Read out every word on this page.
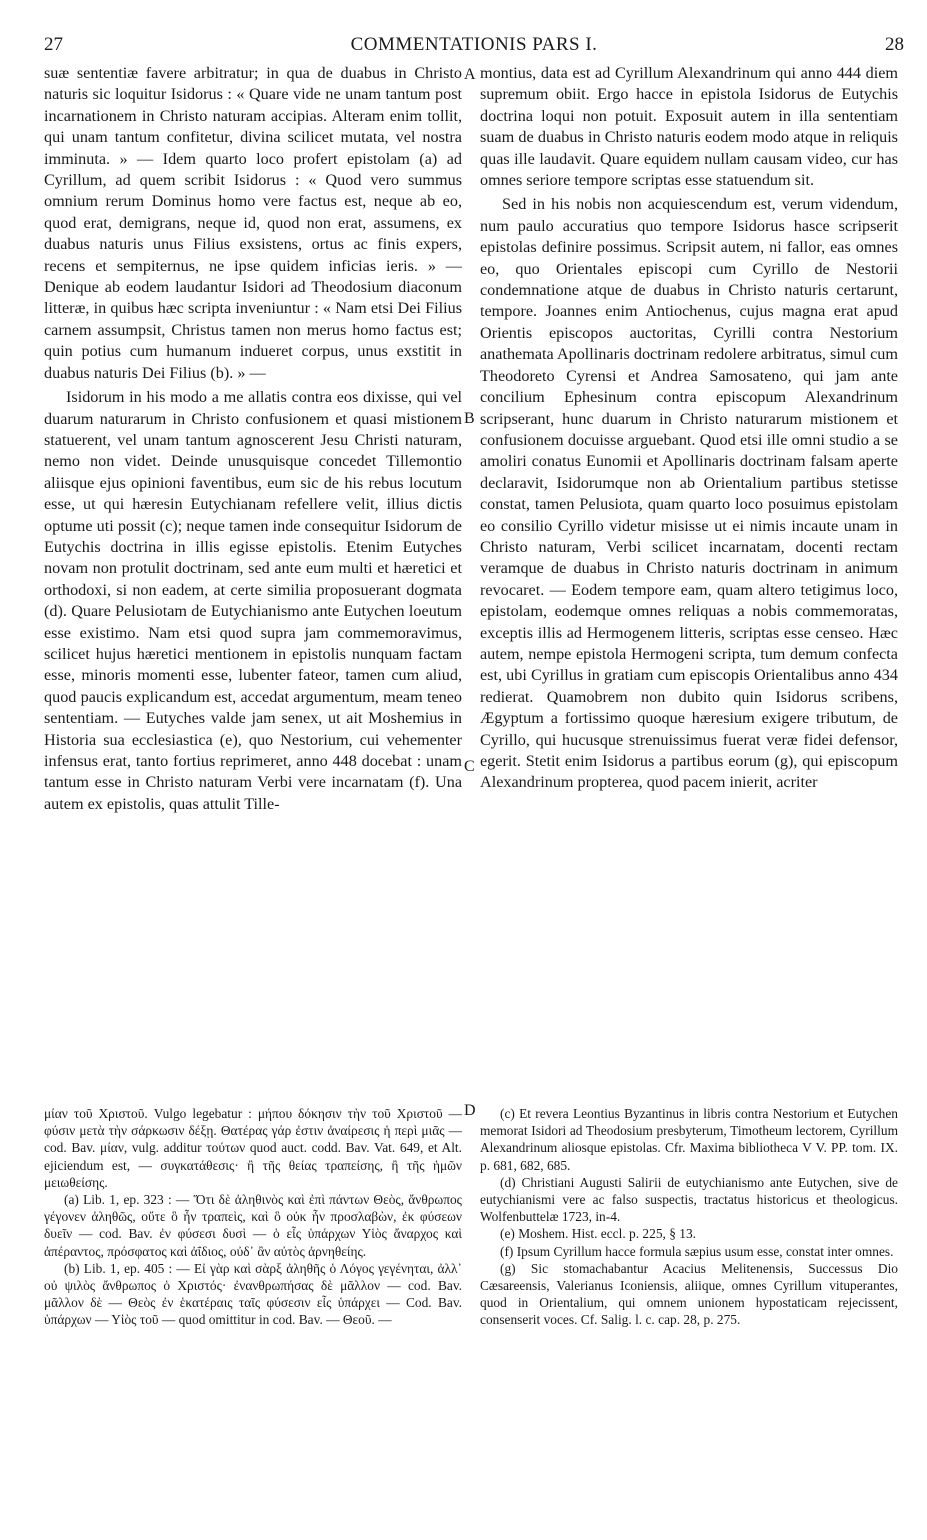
27	COMMENTATIONIS PARS I.	28

suæ sententiæ favere arbitratur; in qua de duabus in Christo naturis sic loquitur Isidorus : « Quare vide ne unam tantum post incarnationem in Christo naturam accipias. Alteram enim tollit, qui unam tantum confitetur, divina scilicet mutata, vel nostra imminuta. » — Idem quarto loco profert epistolam (a) ad Cyrillum, ad quem scribit Isidorus : « Quod vero summus omnium rerum Dominus homo vere factus est, neque ab eo, quod erat, demigrans, neque id, quod non erat, assumens, ex duabus naturis unus Filius exsistens, ortus ac finis expers, recens et sempiternus, ne ipse quidem inficias ieris. » — Denique ab eodem laudantur Isidori ad Theodosium diaconum litteræ, in quibus hæc scripta inveniuntur : « Nam etsi Dei Filius carnem assumpsit, Christus tamen non merus homo factus est; quin potius cum humanum indueret corpus, unus exstitit in duabus naturis Dei Filius (b). » —

Isidorum in his modo a me allatis contra eos dixisse, qui vel duarum naturarum in Christo confusionem et quasi mistionem statuerent, vel unam tantum agnoscerent Jesu Christi naturam, nemo non videt. Deinde unusquisque concedet Tillemontio aliisque ejus opinioni faventibus, eum sic de his rebus locutum esse, ut qui hæresin Eutychianam refellere velit, illius dictis optume uti possit (c); neque tamen inde consequitur Isidorum de Eutychis doctrina in illis egisse epistolis. Etenim Eutyches novam non protulit doctrinam, sed ante eum multi et hæretici et orthodoxi, si non eadem, at certe similia proposuerant dogmata (d). Quare Pelusiotam de Eutychianismo ante Eutychen loeutum esse existimo. Nam etsi quod supra jam commemoravimus, scilicet hujus hæretici mentionem in epistolis nunquam factam esse, minoris momenti esse, lubenter fateor, tamen cum aliud, quod paucis explicandum est, accedat argumentum, meam teneo sententiam. — Eutyches valde jam senex, ut ait Moshemius in Historia sua ecclesiastica (e), quo Nestorium, cui vehementer infensus erat, tanto fortius reprimeret, anno 448 docebat : unam tantum esse in Christo naturam Verbi vere incarnatam (f). Una autem ex epistolis, quas attulit Tille-

montius, data est ad Cyrillum Alexandrinum qui anno 444 diem supremum obiit. Ergo hacce in epistola Isidorus de Eutychis doctrina loqui non potuit. Exposuit autem in illa sententiam suam de duabus in Christo naturis eodem modo atque in reliquis quas ille laudavit. Quare equidem nullam causam video, cur has omnes seriore tempore scriptas esse statuendum sit.

Sed in his nobis non acquiescendum est, verum videndum, num paulo accuratius quo tempore Isidorus hasce scripserit epistolas definire possimus. Scripsit autem, ni fallor, eas omnes eo, quo Orientales episcopi cum Cyrillo de Nestorii condemnatione atque de duabus in Christo naturis certarunt, tempore. Joannes enim Antiochenus, cujus magna erat apud Orientis episcopos auctoritas, Cyrilli contra Nestorium anathemata Apollinaris doctrinam redolere arbitratus, simul cum Theodoreto Cyrensi et Andrea Samosateno, qui jam ante concilium Ephesinum contra episcopum Alexandrinum scripserant, hunc duarum in Christo naturarum mistionem et confusionem docuisse arguebant. Quod etsi ille omni studio a se amoliri conatus Eunomii et Apollinaris doctrinam falsam aperte declaravit, Isidorumque non ab Orientalium partibus stetisse constat, tamen Pelusiota, quam quarto loco posuimus epistolam eo consilio Cyrillo videtur misisse ut ei nimis incaute unam in Christo naturam, Verbi scilicet incarnatam, docenti rectam veramque de duabus in Christo naturis doctrinam in animum revocaret. — Eodem tempore eam, quam altero tetigimus loco, epistolam, eodemque omnes reliquas a nobis commemoratas, exceptis illis ad Hermogenem litteris, scriptas esse censeo. Hæc autem, nempe epistola Hermogeni scripta, tum demum confecta est, ubi Cyrillus in gratiam cum episcopis Orientalibus anno 434 redierat. Quamobrem non dubito quin Isidorus scribens, Ægyptum a fortissimo quoque hæresium exigere tributum, de Cyrillo, qui hucusque strenuissimus fuerat veræ fidei defensor, egerit. Stetit enim Isidorus a partibus eorum (g), qui episcopum Alexandrinum propterea, quod pacem inierit, acriter

A
B
C
D

μίαν τοῦ Χριστοῦ. Vulgo legebatur : μήπου δόκησιν τὴν τοῦ Χριστοῦ — φύσιν μετὰ τὴν σάρκωσιν δέξῃ. Θατέρας γάρ ἐστιν ἀναίρεσις ἡ περὶ μιᾶς — cod. Bav. μίαν, vulg. additur τούτων quod auct. codd. Bav. Vat. 649, et Alt. ejiciendum est, — συγκατάθεσις· ἢ τῆς θείας τραπείσης, ἢ τῆς ἡμῶν μειωθείσης.

(a) Lib. 1, ep. 323 : — Ὅτι δὲ ἀληθινὸς καὶ ἐπὶ πάντων Θεὸς, ἄνθρωπος γέγονεν ἀληθῶς, οὔτε ὃ ἦν τραπεὶς, καὶ ὃ οὐκ ἦν προσλαβὼν, ἐκ φύσεων δυεῖν — cod. Bav. ἐν φύσεσι δυσὶ — ὁ εἷς ὑπάρχων Υἱὸς ἄναρχος καὶ ἀπέραντος, πρόσφατος καὶ ἀΐδιος, οὐδ᾽ ἂν αὐτὸς ἀρνηθείης.

(b) Lib. 1, ep. 405 : — Εἰ γὰρ καὶ σὰρξ ἀληθῆς ὁ Λόγος γεγένηται, ἀλλ᾽ οὐ ψιλὸς ἄνθρωπος ὁ Χριστός· ἐνανθρωπήσας δὲ μᾶλλον — cod. Bav. μᾶλλον δὲ — Θεὸς ἐν ἑκατέραις ταῖς φύσεσιν εἷς ὑπάρχει — Cod. Bav. ὑπάρχων — Υἱὸς τοῦ — quod omittitur in cod. Bav. — Θεοῦ. —

(c) Et revera Leontius Byzantinus in libris contra Nestorium et Eutychen memorat Isidori ad Theodosium presbyterum, Timotheum lectorem, Cyrillum Alexandrinum aliosque epistolas. Cfr. Maxima bibliotheca V V. PP. tom. IX. p. 681, 682, 685.

(d) Christiani Augusti Salігii de eutychianismo ante Eutychen, sive de eutychianismi vere ac falso suspectis, tractatus historicus et theologicus. Wolfenbuttelæ 1723, in-4.

(e) Moshem. Hist. eccl. p. 225, § 13.

(f) Ipsum Cyrillum hacce formula sæpius usum esse, constat inter omnes.

(g) Sic stomachabantur Acacius Melitenensis, Successus Dio Cæsareensis, Valerianus Iconiensis, aliique, omnes Cyrillum vituperantes, quod in Orientalium, qui omnem unionem hypostaticam rejecissent, consenserit voces. Cf. Salig. l. c. cap. 28, p. 275.
